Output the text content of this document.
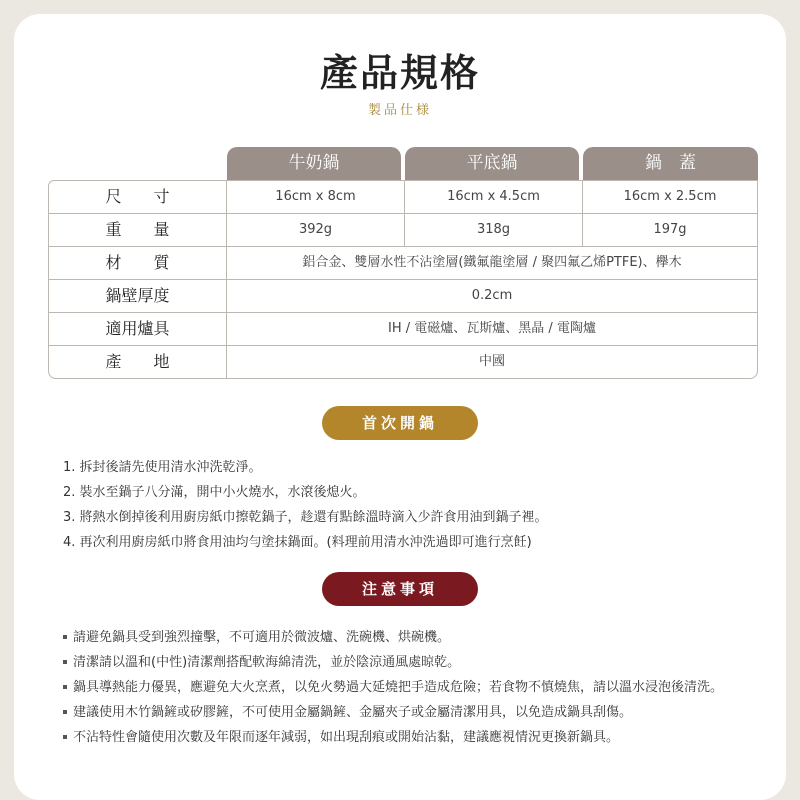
產品規格
製品仕様
牛奶鍋	平底鍋	鍋　蓋
尺　　寸	16cm x 8cm	16cm x 4.5cm	16cm x 2.5cm
重　　量	392g	318g	197g
材　　質	鋁合金、雙層水性不沾塗層(鐵氟龍塗層 / 聚四氟乙烯PTFE)、欅木
鍋壁厚度	0.2cm
適用爐具	IH / 電磁爐、瓦斯爐、黑晶 / 電陶爐
產　　地	中國
首次開鍋
1. 拆封後請先使用清水沖洗乾淨。
2. 裝水至鍋子八分滿，開中小火燒水，水滾後熄火。
3. 將熱水倒掉後利用廚房紙巾擦乾鍋子，趁還有點餘溫時滴入少許食用油到鍋子裡。
4. 再次利用廚房紙巾將食用油均勻塗抹鍋面。(料理前用清水沖洗過即可進行烹飪)
注意事項
請避免鍋具受到強烈撞擊，不可適用於微波爐、洗碗機、烘碗機。
清潔請以溫和(中性)清潔劑搭配軟海綿清洗，並於陰涼通風處晾乾。
鍋具導熱能力優異，應避免大火烹煮，以免火勢過大延燒把手造成危險；若食物不慎燒焦，請以溫水浸泡後清洗。
建議使用木竹鍋鏟或矽膠鏟，不可使用金屬鍋鏟、金屬夾子或金屬清潔用具，以免造成鍋具刮傷。
不沾特性會隨使用次數及年限而逐年減弱，如出現刮痕或開始沾黏，建議應視情況更換新鍋具。
